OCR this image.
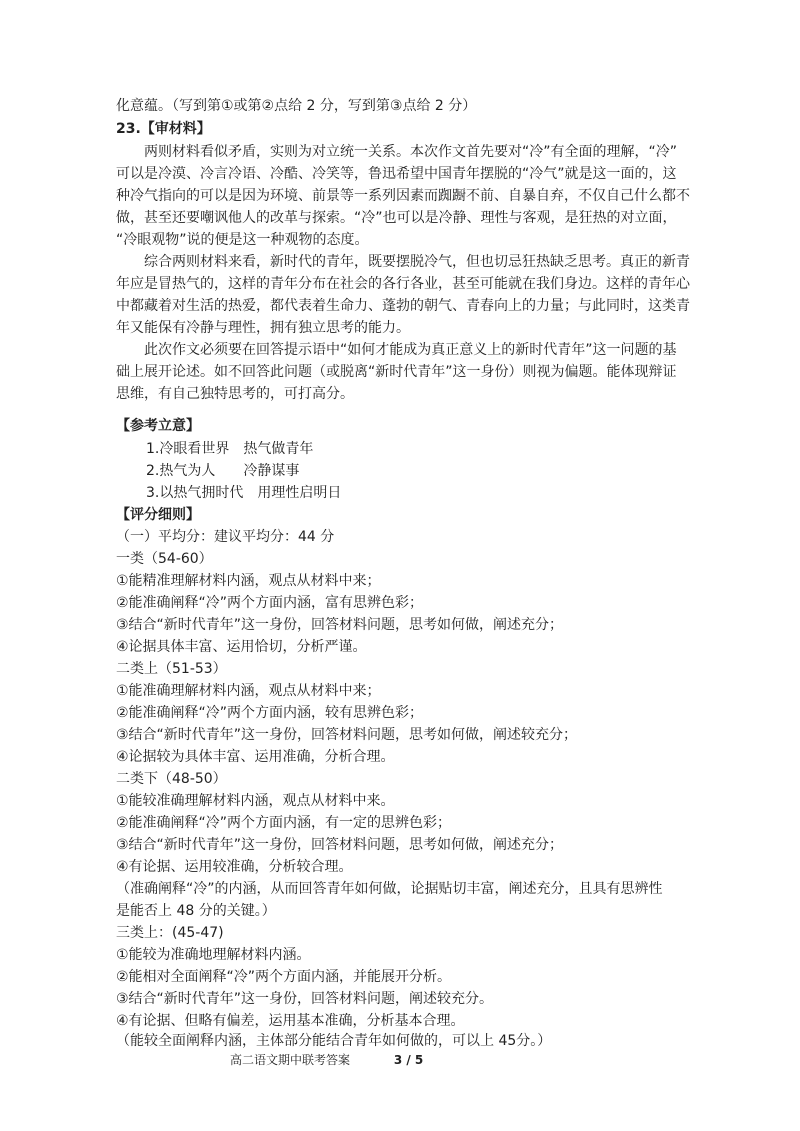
化意蕴。（写到第①或第②点给 2 分，写到第③点给 2 分）
23.【审材料】
两则材料看似矛盾，实则为对立统一关系。本次作文首先要对“冷”有全面的理解，“冷”
可以是冷漠、冷言冷语、冷酷、冷笑等，鲁迅希望中国青年摆脱的“冷气”就是这一面的，这
种冷气指向的可以是因为环境、前景等一系列因素而踟蹰不前、自暴自弃，不仅自己什么都不
做，甚至还要嘲讽他人的改革与探索。“冷”也可以是冷静、理性与客观，是狂热的对立面，
“冷眼观物”说的便是这一种观物的态度。
综合两则材料来看，新时代的青年，既要摆脱冷气，但也切忌狂热缺乏思考。真正的新青
年应是冒热气的，这样的青年分布在社会的各行各业，甚至可能就在我们身边。这样的青年心
中都藏着对生活的热爱，都代表着生命力、蓬勃的朝气、青春向上的力量；与此同时，这类青
年又能保有冷静与理性，拥有独立思考的能力。
此次作文必须要在回答提示语中“如何才能成为真正意义上的新时代青年”这一问题的基
础上展开论述。如不回答此问题（或脱离“新时代青年”这一身份）则视为偏题。能体现辩证
思维，有自己独特思考的，可打高分。
【参考立意】
1.冷眼看世界　热气做青年
2.热气为人　　冷静谋事
3.以热气拥时代　用理性启明日
【评分细则】
（一）平均分：建议平均分：44 分
一类（54-60）
①能精准理解材料内涵，观点从材料中来；
②能准确阐释“冷”两个方面内涵，富有思辨色彩；
③结合“新时代青年”这一身份，回答材料问题，思考如何做，阐述充分；
④论据具体丰富、运用恰切，分析严谨。
二类上（51-53）
①能准确理解材料内涵，观点从材料中来；
②能准确阐释“冷”两个方面内涵，较有思辨色彩；
③结合“新时代青年”这一身份，回答材料问题，思考如何做，阐述较充分；
④论据较为具体丰富、运用准确，分析合理。
二类下（48-50）
①能较准确理解材料内涵，观点从材料中来。
②能准确阐释“冷”两个方面内涵，有一定的思辨色彩；
③结合“新时代青年”这一身份，回答材料问题，思考如何做，阐述充分；
④有论据、运用较准确，分析较合理。
（准确阐释“冷”的内涵，从而回答青年如何做，论据贴切丰富，阐述充分，且具有思辨性
是能否上 48 分的关键。）
三类上：(45-47)
①能较为准确地理解材料内涵。
②能相对全面阐释“冷”两个方面内涵，并能展开分析。
③结合“新时代青年”这一身份，回答材料问题，阐述较充分。
④有论据、但略有偏差，运用基本准确，分析基本合理。
（能较全面阐释内涵，主体部分能结合青年如何做的，可以上 45分。）
高二语文期中联考答案	3 / 5
